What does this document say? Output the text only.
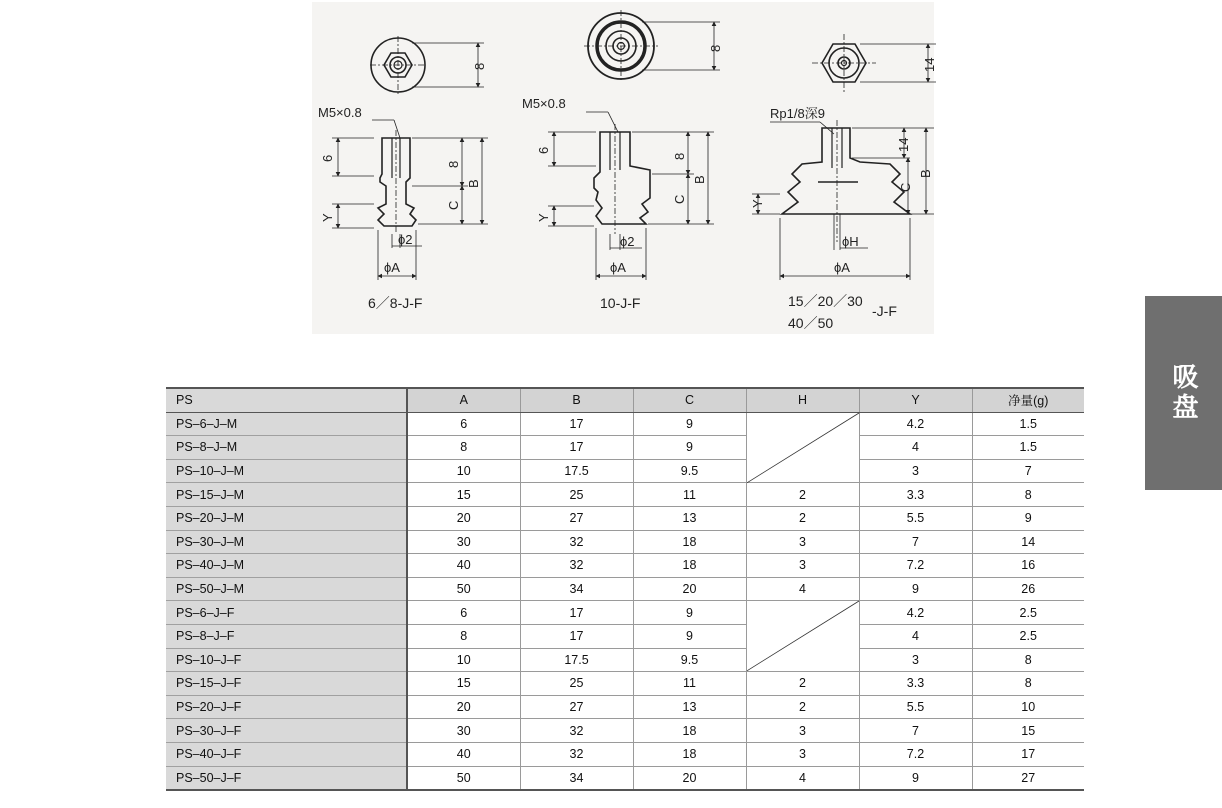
8
M5×0.8
6
8
B
C
Y
ϕ2
ϕA
6／8-J-F
8
M5×0.8
6
8
B
C
Y
ϕ2
ϕA
10-J-F
14
Rp1/8深9
14
B
C
Y
ϕH
ϕA
15／20／30
40／50
-J-F
吸盘
PS	A	B	C	H	Y	净量(g)
PS–6–J–M	6	17	9		4.2	1.5
PS–8–J–M	8	17	9		4	1.5
PS–10–J–M	10	17.5	9.5		3	7
PS–15–J–M	15	25	11	2	3.3	8
PS–20–J–M	20	27	13	2	5.5	9
PS–30–J–M	30	32	18	3	7	14
PS–40–J–M	40	32	18	3	7.2	16
PS–50–J–M	50	34	20	4	9	26
PS–6–J–F	6	17	9		4.2	2.5
PS–8–J–F	8	17	9		4	2.5
PS–10–J–F	10	17.5	9.5		3	8
PS–15–J–F	15	25	11	2	3.3	8
PS–20–J–F	20	27	13	2	5.5	10
PS–30–J–F	30	32	18	3	7	15
PS–40–J–F	40	32	18	3	7.2	17
PS–50–J–F	50	34	20	4	9	27
